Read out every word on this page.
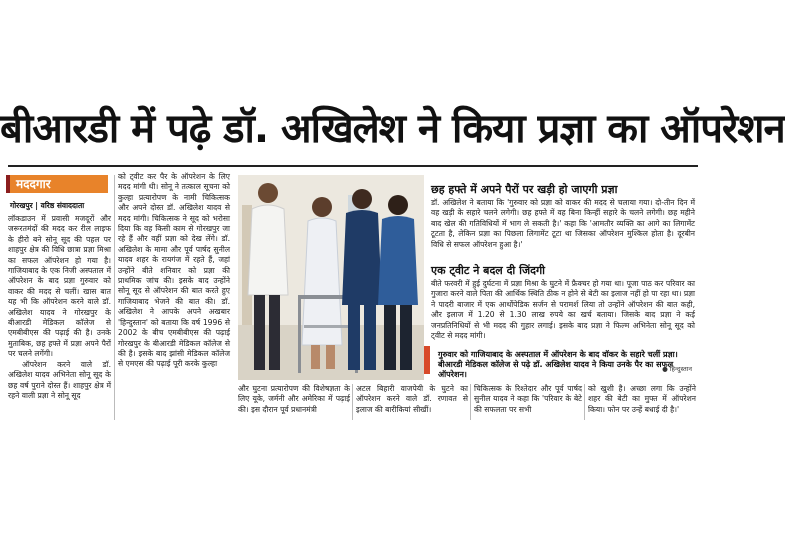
बीआरडी में पढ़े डॉ. अखिलेश ने किया प्रज्ञा का ऑपरेशन
मददगार
गोरखपुर | वरिष्ठ संवाददाता

लॉकडाउन में प्रवासी मजदूरों और जरूरतमंदों की मदद कर रील लाइफ के हीरो बने सोनू सूद की पहल पर शाहपुर क्षेत्र की विधि छात्रा प्रज्ञा मिश्रा का सफल ऑपरेशन हो गया है। गाजियाबाद के एक निजी अस्पताल में ऑपरेशन के बाद प्रज्ञा गुरुवार को वाकर की मदद से चलीं। खास बात यह भी कि ऑपरेशन करने वाले डॉ. अखिलेश यादव ने गोरखपुर के बीआरडी मेडिकल कॉलेज से एमबीबीएस की पढ़ाई की है। उनके मुताबिक, छह हफ्ते में प्रज्ञा अपने पैरों पर चलने लगेंगी।

ऑपरेशन करने वाले डॉ. अखिलेश यादव अभिनेता सोनू सूद के छह वर्ष पुराने दोस्त हैं। शाहपुर क्षेत्र में रहने वाली प्रज्ञा ने सोनू सूद

को ट्वीट कर पैर के ऑपरेशन के लिए मदद मांगी थी। सोनू ने तत्काल सूचना को कुल्हा प्रत्यारोपण के नामी चिकित्सक और अपने दोस्त डॉ. अखिलेश यादव से मदद मांगी। चिकित्सक ने सूद को भरोसा दिया कि वह किसी काम से गोरखपुर जा रहे हैं और वहीं प्रज्ञा को देख लेंगे। डॉ. अखिलेश के मामा और पूर्व पार्षद सुनील यादव शहर के रायगंज में रहते हैं, जहां उन्होंने बीते शनिवार को प्रज्ञा की प्राथमिक जांच की। इसके बाद उन्होंने सोनू सूद से ऑपरेशन की बात करते हुए गाजियाबाद भेजने की बात की। डॉ. अखिलेश ने आपके अपने अखबार 'हिन्दुस्तान' को बताया कि वर्ष 1996 से 2002 के बीच एमबीबीएस की पढ़ाई गोरखपुर के बीआरडी मेडिकल कॉलेज से की है। इसके बाद झांसी मेडिकल कॉलेज से एमएस की पढ़ाई पूरी करके कुल्हा
छह हफ्ते में अपने पैरों पर खड़ी हो जाएगी प्रज्ञा
डॉ. अखिलेश ने बताया कि 'गुरुवार को प्रज्ञा को वाकर की मदद से चलाया गया। दो-तीन दिन में वह खड़ी के सहारे चलने लगेगी। छह हफ्ते में वह बिना किन्हीं सहारे के चलने लगेगी। छह महीने बाद खेल की गतिविधियों में भाग ले सकती है।' कहा कि 'आमतौर व्यक्ति का आगे का लिगामेंट टूटता है, लेकिन प्रज्ञा का पिछला लिगामेंट टूटा था जिसका ऑपरेशन मुश्किल होता है। दूरबीन विधि से सफल ऑपरेशन हुआ है।'
एक ट्वीट ने बदल दी जिंदगी
बीते फरवरी में हुई दुर्घटना में प्रज्ञा मिश्रा के घुटने में फ्रैक्चर हो गया था। पूजा पाठ कर परिवार का गुजारा करने वाले पिता की आर्थिक स्थिति ठीक न होने से बेटी का इलाज नहीं हो पा रहा था। प्रज्ञा ने पादरी बाजार में एक आर्थोपेडिक सर्जन से परामर्श लिया तो उन्होंने ऑपरेशन की बात कही, और इलाज में 1.20 से 1.30 लाख रुपये का खर्च बताया। जिसके बाद प्रज्ञा ने कई जनप्रतिनिधियों से भी मदद की गुहार लगाई। इसके बाद प्रज्ञा ने फिल्म अभिनेता सोनू सूद को ट्वीट से मदद मांगी।
गुरुवार को गाजियाबाद के अस्पताल में ऑपरेशन के बाद वॉकर के सहारे चलीं प्रज्ञा। बीआरडी मेडिकल कॉलेज से पढ़े डॉ. अखिलेश यादव ने किया उनके पैर का सफल ऑपरेशन।
● हिन्दुस्तान
और घुटना प्रत्यारोपण की विशेषज्ञता के लिए यूके, जर्मनी और अमेरिका में पढ़ाई की। इस दौरान पूर्व प्रधानमंत्री
अटल बिहारी वाजपेयी के घुटने का ऑपरेशन करने वाले डॉ. रणावत से इलाज की बारीकियां सीखीं।
चिकित्सक के रिश्तेदार और पूर्व पार्षद सुनील यादव ने कहा कि 'परिवार के बेटे की सफलता पर सभी
को खुशी है। अच्छा लगा कि उन्होंने शहर की बेटी का मुफ्त में ऑपरेशन किया। फोन पर उन्हें बधाई दी है।'
